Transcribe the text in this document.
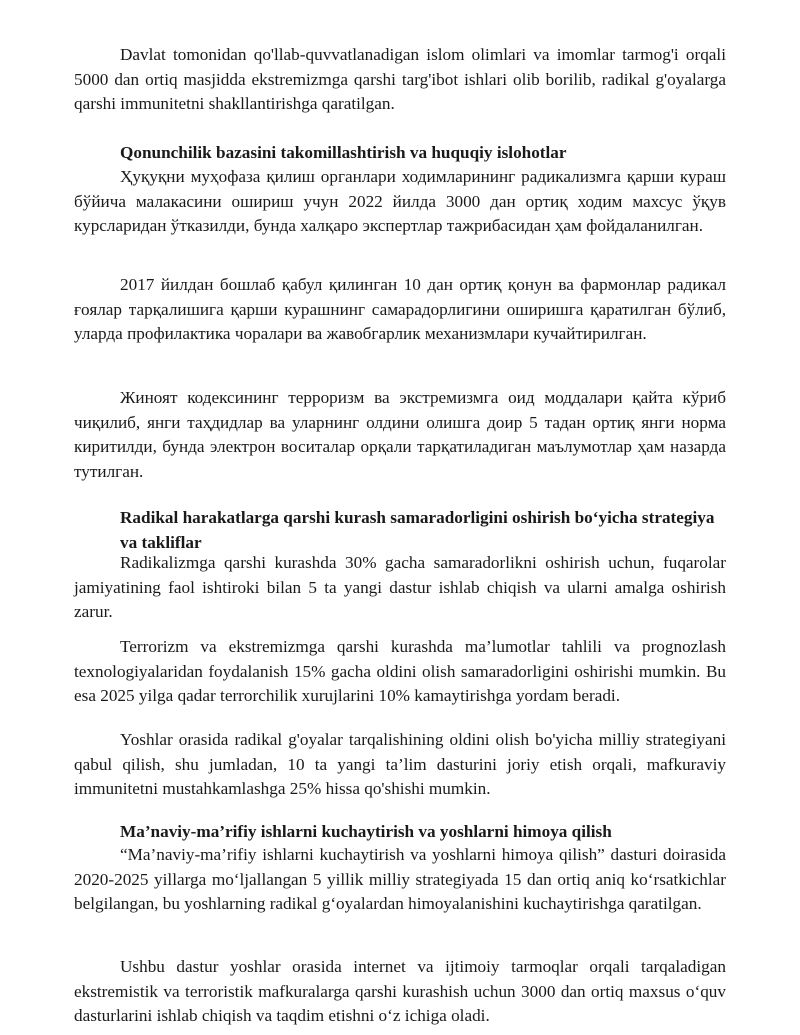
Davlat tomonidan qo'llab-quvvatlanadigan islom olimlari va imomlar tarmog'i orqali 5000 dan ortiq masjidda ekstremizmga qarshi targ'ibot ishlari olib borilib, radikal g'oyalarga qarshi immunitetni shakllantirishga qaratilgan.

Qonunchilik bazasini takomillashtirish va huquqiy islohotlar

Ҳуқуқни муҳофаза қилиш органлари ходимларининг радикализмга қарши кураш бўйича малакасини ошириш учун 2022 йилда 3000 дан ортиқ ходим махсус ўқув курсларидан ўтказилди, бунда халқаро экспертлар тажрибасидан ҳам фойдаланилган.

2017 йилдан бошлаб қабул қилинган 10 дан ортиқ қонун ва фармонлар радикал ғоялар тарқалишига қарши курашнинг самарадорлигини оширишга қаратилган бўлиб, уларда профилактика чоралари ва жавобгарлик механизмлари кучайтирилган.

Жиноят кодексининг терроризм ва экстремизмга оид моддалари қайта кўриб чиқилиб, янги таҳдидлар ва уларнинг олдини олишга доир 5 тадан ортиқ янги норма киритилди, бунда электрон воситалар орқали тарқатиладиган маълумотлар ҳам назарда тутилган.

Radikal harakatlarga qarshi kurash samaradorligini oshirish bo‘yicha strategiya va takliflar

Radikalizmga qarshi kurashda 30% gacha samaradorlikni oshirish uchun, fuqarolar jamiyatining faol ishtiroki bilan 5 ta yangi dastur ishlab chiqish va ularni amalga oshirish zarur.

Terrorizm va ekstremizmga qarshi kurashda ma’lumotlar tahlili va prognozlash texnologiyalaridan foydalanish 15% gacha oldini olish samaradorligini oshirishi mumkin. Bu esa 2025 yilga qadar terrorchilik xurujlarini 10% kamaytirishga yordam beradi.

Yoshlar orasida radikal g'oyalar tarqalishining oldini olish bo'yicha milliy strategiyani qabul qilish, shu jumladan, 10 ta yangi ta’lim dasturini joriy etish orqali, mafkuraviy immunitetni mustahkamlashga 25% hissa qo'shishi mumkin.

Ma’naviy-ma’rifiy ishlarni kuchaytirish va yoshlarni himoya qilish

“Ma’naviy-ma’rifiy ishlarni kuchaytirish va yoshlarni himoya qilish” dasturi doirasida 2020-2025 yillarga mo‘ljallangan 5 yillik milliy strategiyada 15 dan ortiq aniq ko‘rsatkichlar belgilangan, bu yoshlarning radikal g‘oyalardan himoyalanishini kuchaytirishga qaratilgan.

Ushbu dastur yoshlar orasida internet va ijtimoiy tarmoqlar orqali tarqaladigan ekstremistik va terroristik mafkuralarga qarshi kurashish uchun 3000 dan ortiq maxsus o‘quv dasturlarini ishlab chiqish va taqdim etishni o‘z ichiga oladi.
